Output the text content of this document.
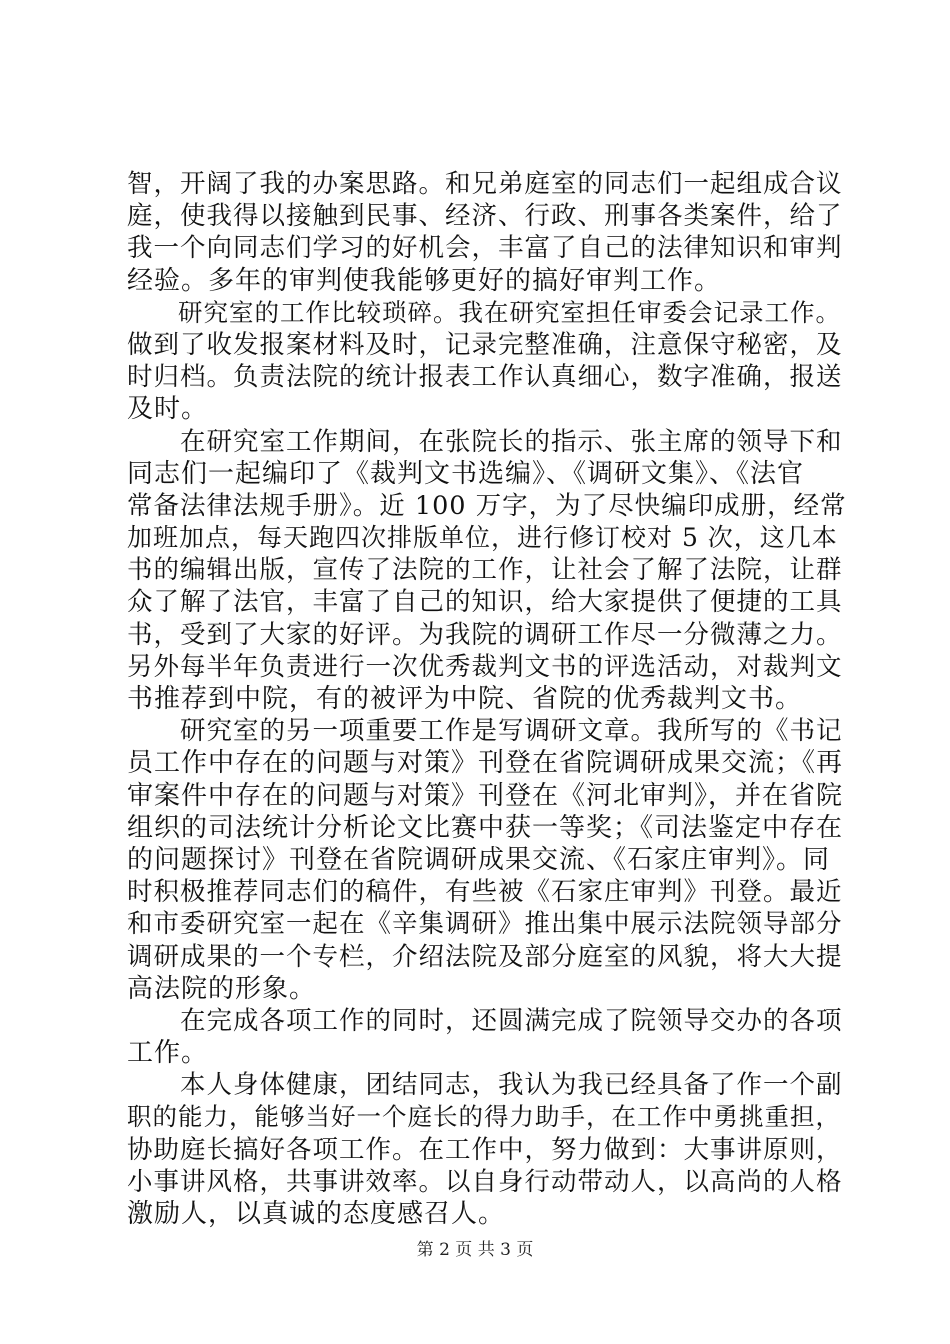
智，开阔了我的办案思路。和兄弟庭室的同志们一起组成合议
庭，使我得以接触到民事、经济、行政、刑事各类案件，给了
我一个向同志们学习的好机会，丰富了自己的法律知识和审判
经验。多年的审判使我能够更好的搞好审判工作。
　　研究室的工作比较琐碎。我在研究室担任审委会记录工作。
做到了收发报案材料及时，记录完整准确，注意保守秘密，及
时归档。负责法院的统计报表工作认真细心，数字准确，报送
及时。
　　在研究室工作期间，在张院长的指示、张主席的领导下和
同志们一起编印了《裁判文书选编》、《调研文集》、《法官
常备法律法规手册》。近 100 万字，为了尽快编印成册，经常
加班加点，每天跑四次排版单位，进行修订校对 5 次，这几本
书的编辑出版，宣传了法院的工作，让社会了解了法院，让群
众了解了法官，丰富了自己的知识，给大家提供了便捷的工具
书，受到了大家的好评。为我院的调研工作尽一分微薄之力。
另外每半年负责进行一次优秀裁判文书的评选活动，对裁判文
书推荐到中院，有的被评为中院、省院的优秀裁判文书。
　　研究室的另一项重要工作是写调研文章。我所写的《书记
员工作中存在的问题与对策》刊登在省院调研成果交流；《再
审案件中存在的问题与对策》刊登在《河北审判》，并在省院
组织的司法统计分析论文比赛中获一等奖；《司法鉴定中存在
的问题探讨》刊登在省院调研成果交流、《石家庄审判》。同
时积极推荐同志们的稿件，有些被《石家庄审判》刊登。最近
和市委研究室一起在《辛集调研》推出集中展示法院领导部分
调研成果的一个专栏，介绍法院及部分庭室的风貌，将大大提
高法院的形象。
　　在完成各项工作的同时，还圆满完成了院领导交办的各项
工作。
　　本人身体健康，团结同志，我认为我已经具备了作一个副
职的能力，能够当好一个庭长的得力助手，在工作中勇挑重担，
协助庭长搞好各项工作。在工作中，努力做到：大事讲原则，
小事讲风格，共事讲效率。以自身行动带动人，以高尚的人格
激励人，以真诚的态度感召人。
第 2 页 共 3 页
